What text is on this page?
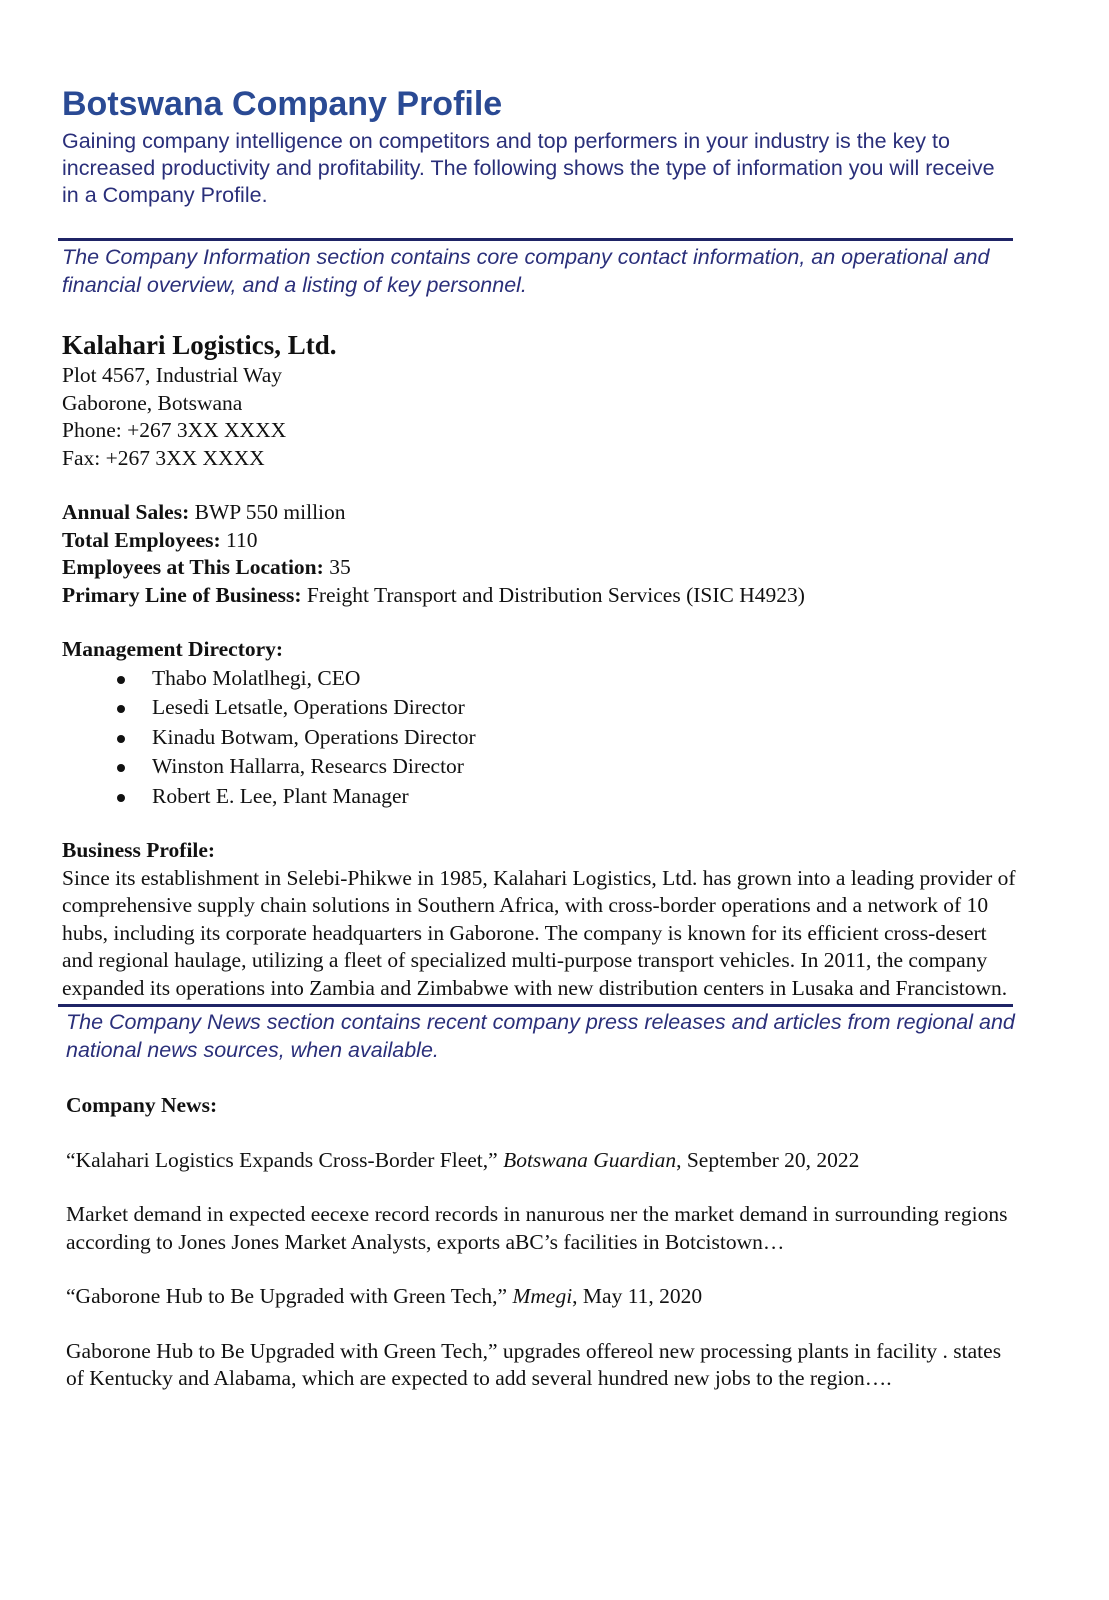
Botswana Company Profile

Gaining company intelligence on competitors and top performers in your industry is the key to increased productivity and profitability. The following shows the type of information you will receive in a Company Profile.

The Company Information section contains core company contact information, an operational and financial overview, and a listing of key personnel.

Kalahari Logistics, Ltd.

Plot 4567, Industrial Way

Gaborone, Botswana

Phone: +267 3XX XXXX

Fax: +267 3XX XXXX

Annual Sales: BWP 550 million

Total Employees: 110

Employees at This Location: 35

Primary Line of Business: Freight Transport and Distribution Services (ISIC H4923)

Management Directory:

Thabo Molatlhegi, CEO
Lesedi Letsatle, Operations Director
Kinadu Botwam, Operations Director
Winston Hallarra, Researcs Director
Robert E. Lee, Plant Manager

Business Profile:

Since its establishment in Selebi-Phikwe in 1985, Kalahari Logistics, Ltd. has grown into a leading provider of comprehensive supply chain solutions in Southern Africa, with cross-border operations and a network of 10 hubs, including its corporate headquarters in Gaborone. The company is known for its efficient cross-desert and regional haulage, utilizing a fleet of specialized multi-purpose transport vehicles. In 2011, the company expanded its operations into Zambia and Zimbabwe with new distribution centers in Lusaka and Francistown.

The Company News section contains recent company press releases and articles from regional and national news sources, when available.

Company News:

“Kalahari Logistics Expands Cross-Border Fleet,” Botswana Guardian, September 20, 2022

Market demand in expected eecexe record records in nanurous ner the market demand in surrounding regions according to Jones Jones Market Analysts, exports aBC’s facilities in Botcistown…

“Gaborone Hub to Be Upgraded with Green Tech,” Mmegi, May 11, 2020

Gaborone Hub to Be Upgraded with Green Tech,” upgrades offereol new processing plants in facility . states of Kentucky and Alabama, which are expected to add several hundred new jobs to the region….
